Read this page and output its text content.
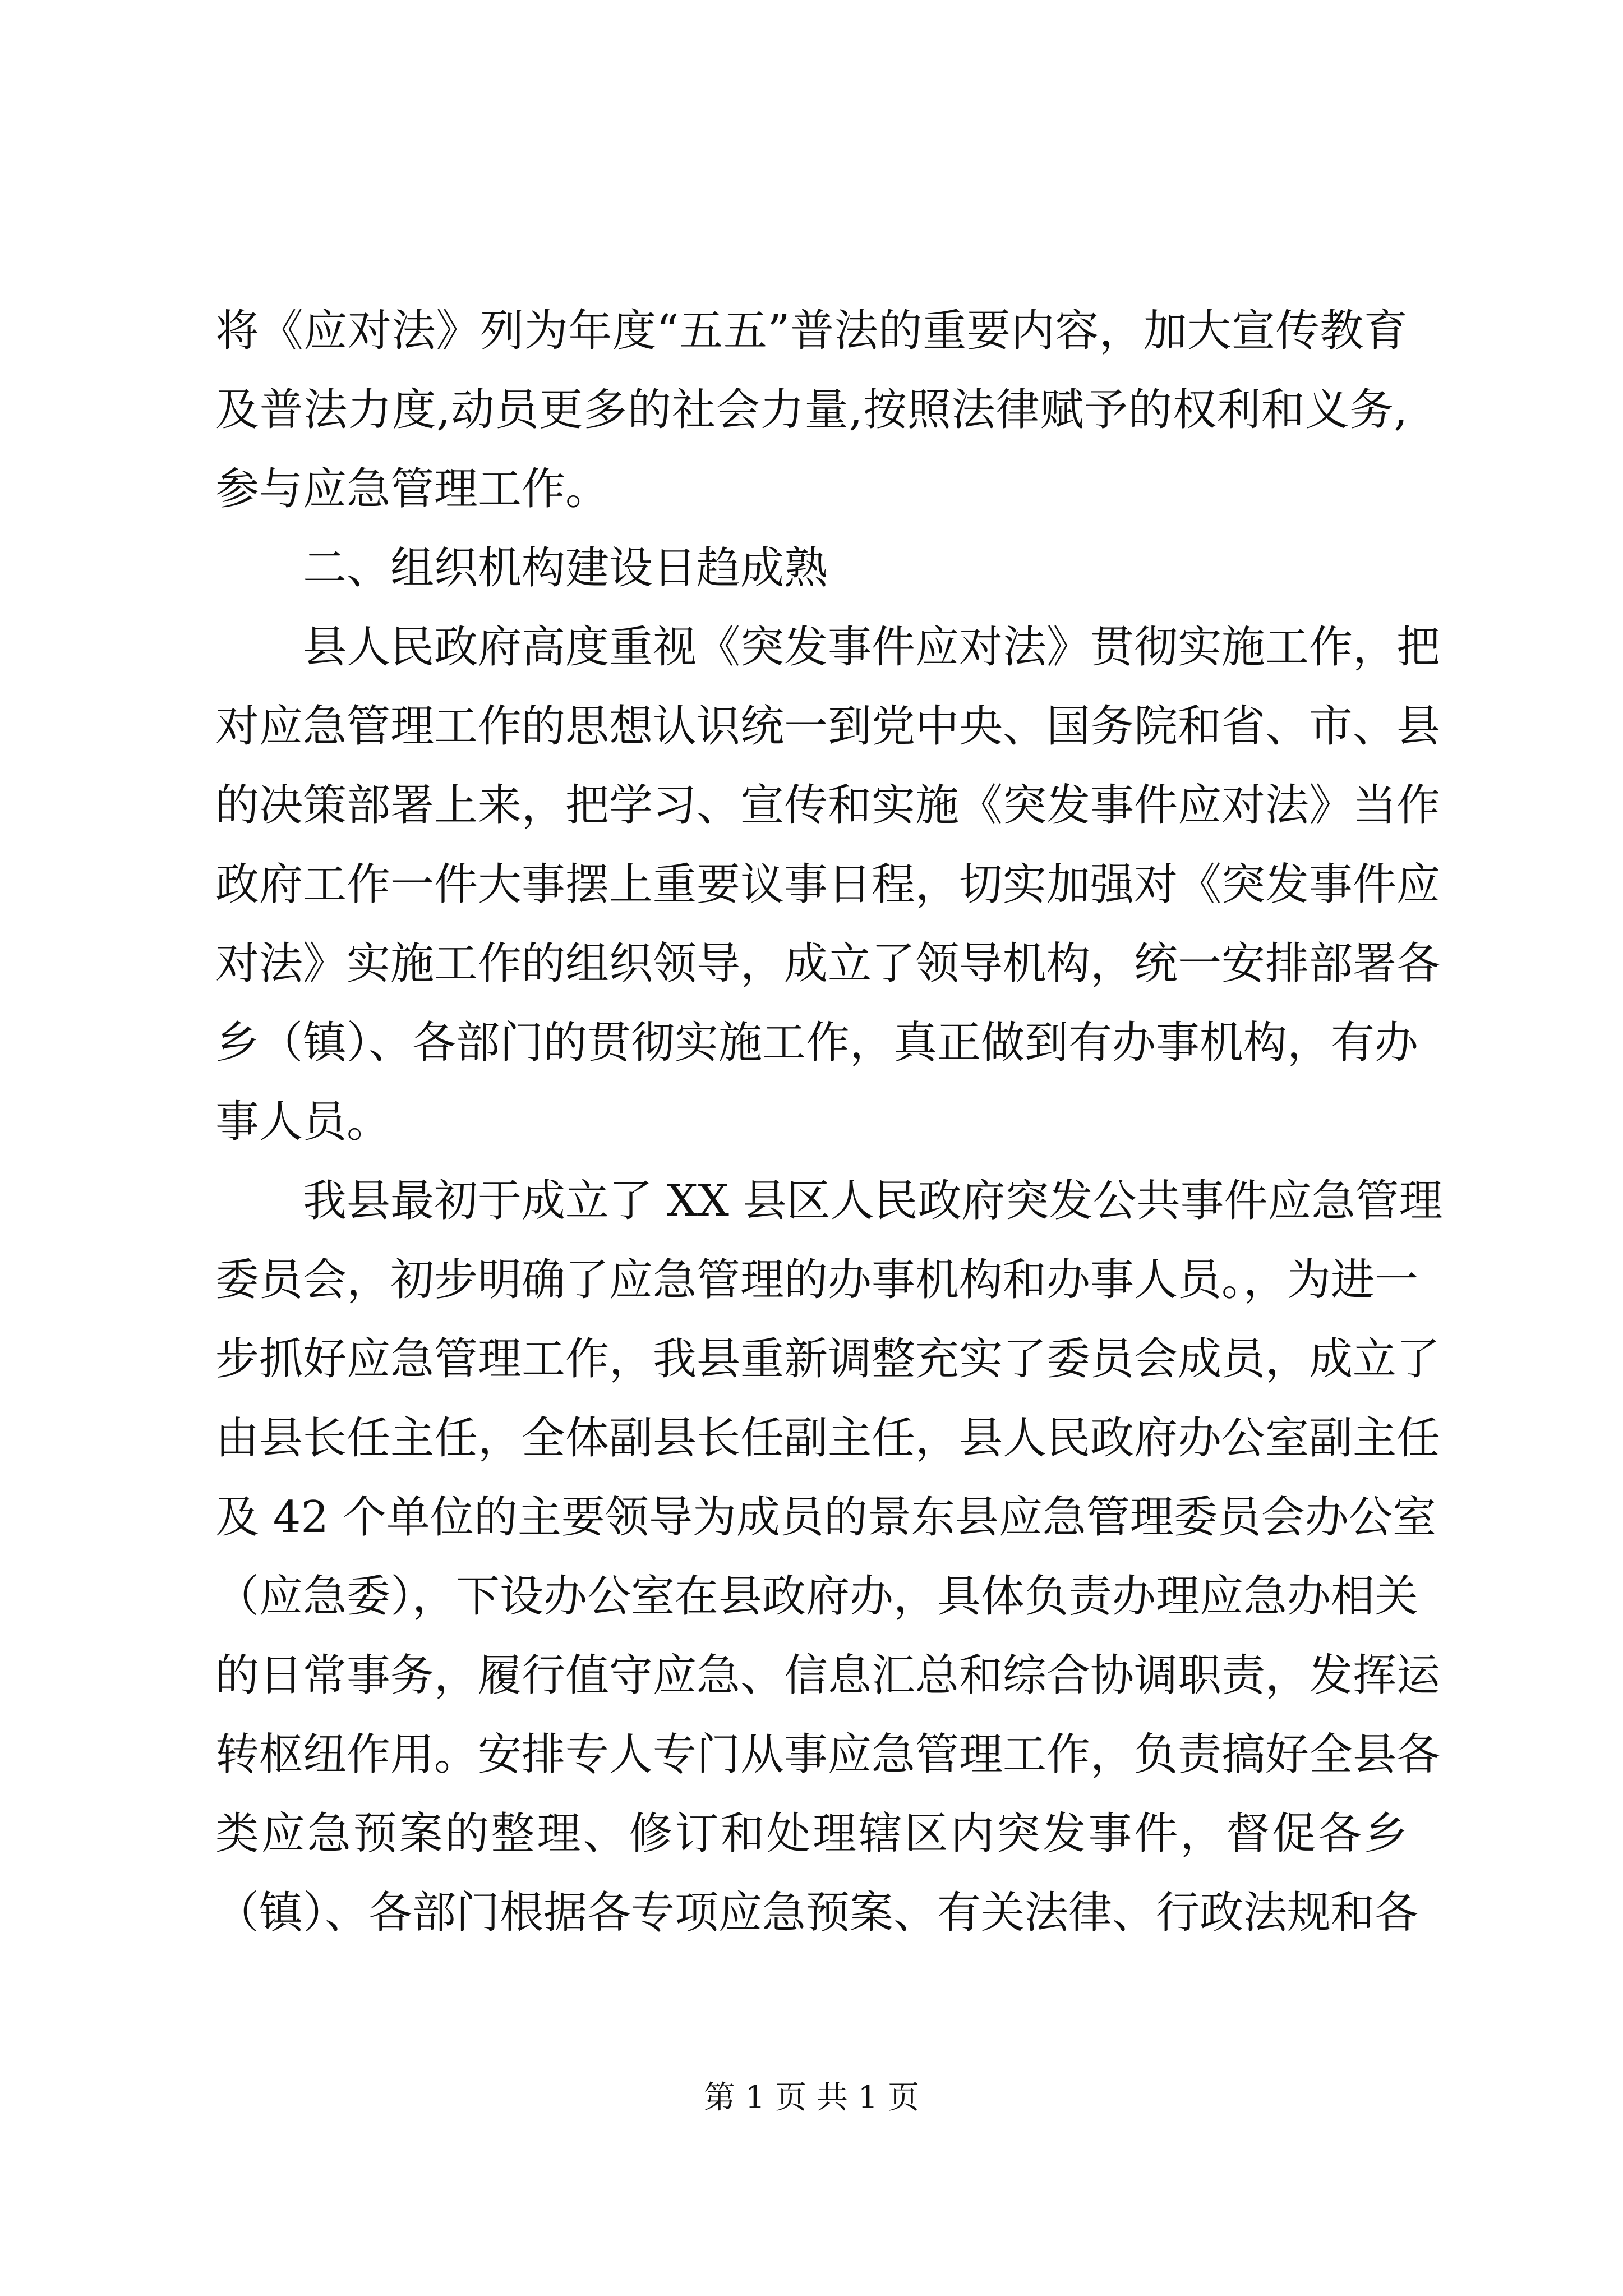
将《应对法》列为年度“五五”普法的重要内容，加大宣传教育
及普法力度,动员更多的社会力量,按照法律赋予的权利和义务,
参与应急管理工作。
二、组织机构建设日趋成熟
县人民政府高度重视《突发事件应对法》贯彻实施工作，把
对应急管理工作的思想认识统一到党中央、国务院和省、市、县
的决策部署上来，把学习、宣传和实施《突发事件应对法》当作
政府工作一件大事摆上重要议事日程，切实加强对《突发事件应
对法》实施工作的组织领导，成立了领导机构，统一安排部署各
乡（镇）、各部门的贯彻实施工作，真正做到有办事机构，有办
事人员。
我县最初于成立了 XX 县区人民政府突发公共事件应急管理
委员会，初步明确了应急管理的办事机构和办事人员。，为进一
步抓好应急管理工作，我县重新调整充实了委员会成员，成立了
由县长任主任，全体副县长任副主任，县人民政府办公室副主任
及 42 个单位的主要领导为成员的景东县应急管理委员会办公室
（应急委），下设办公室在县政府办，具体负责办理应急办相关
的日常事务，履行值守应急、信息汇总和综合协调职责，发挥运
转枢纽作用。安排专人专门从事应急管理工作，负责搞好全县各
类应急预案的整理、修订和处理辖区内突发事件，督促各乡
（镇）、各部门根据各专项应急预案、有关法律、行政法规和各
第 1 页 共 1 页
